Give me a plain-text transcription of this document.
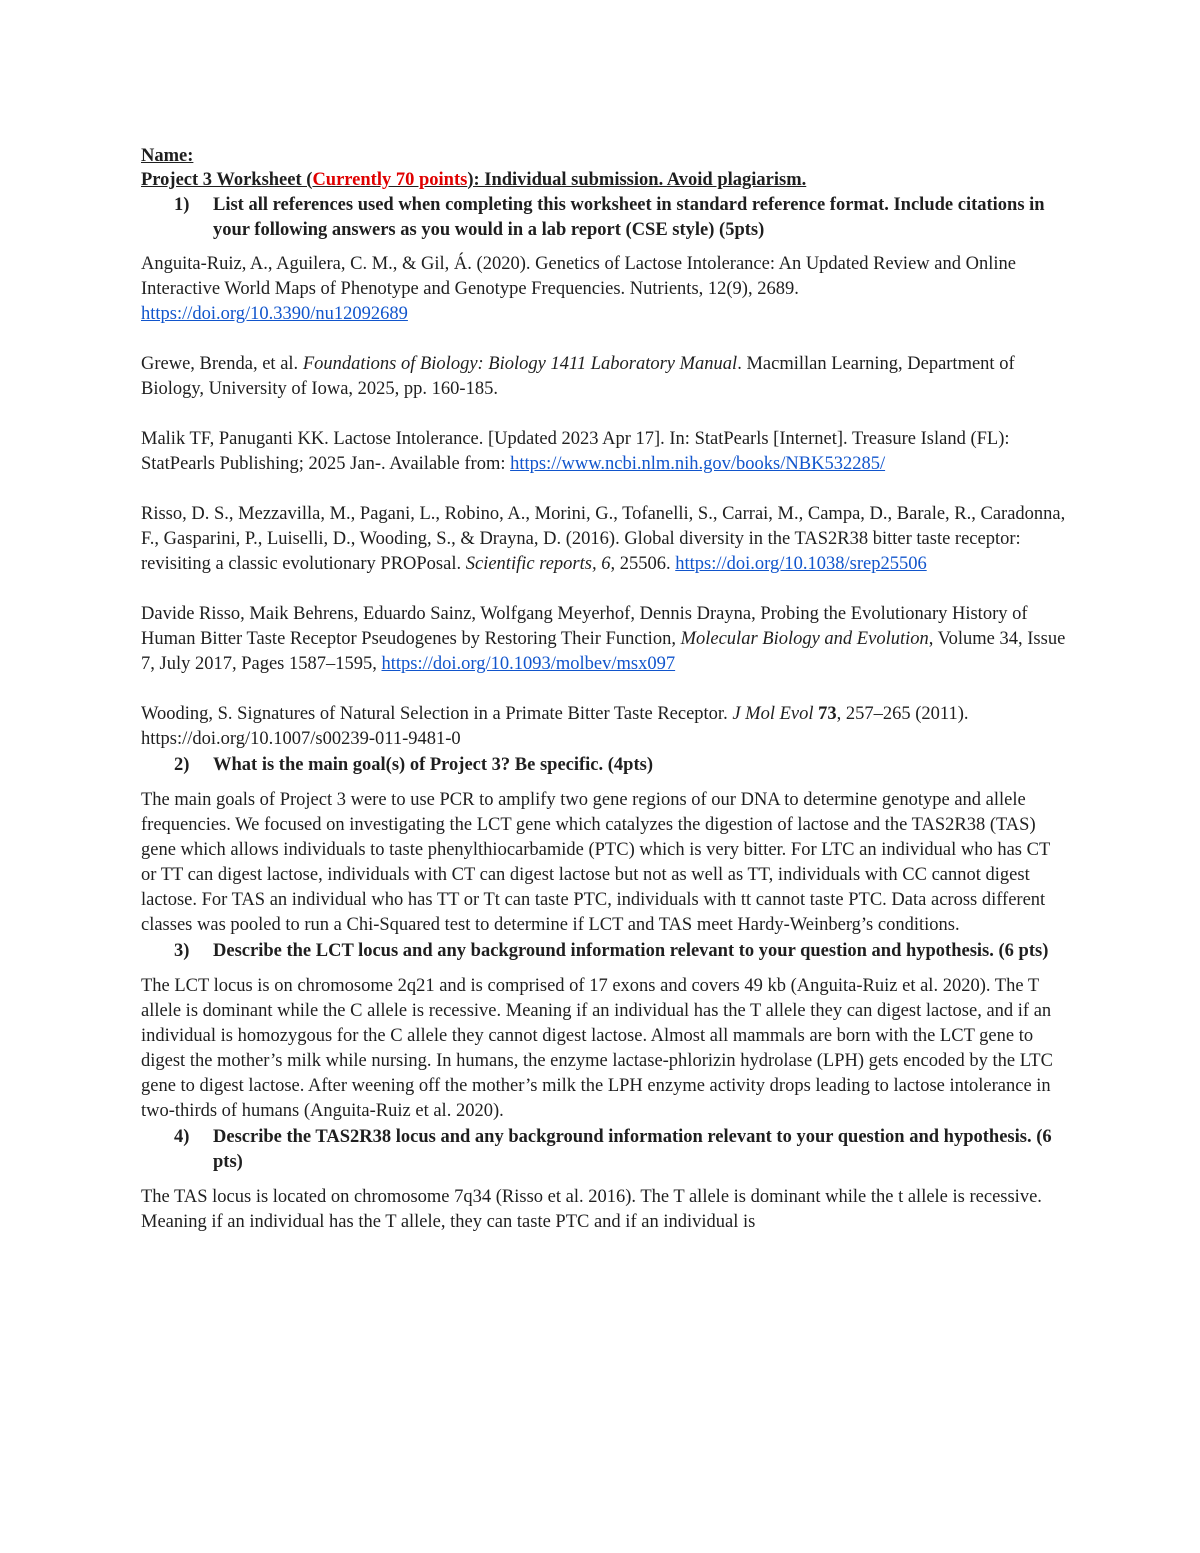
Name:
Project 3 Worksheet (Currently 70 points): Individual submission. Avoid plagiarism.
1) List all references used when completing this worksheet in standard reference format. Include citations in your following answers as you would in a lab report (CSE style) (5pts)
Anguita-Ruiz, A., Aguilera, C. M., & Gil, Á. (2020). Genetics of Lactose Intolerance: An Updated Review and Online Interactive World Maps of Phenotype and Genotype Frequencies. Nutrients, 12(9), 2689. https://doi.org/10.3390/nu12092689
Grewe, Brenda, et al. Foundations of Biology: Biology 1411 Laboratory Manual. Macmillan Learning, Department of Biology, University of Iowa, 2025, pp. 160-185.
Malik TF, Panuganti KK. Lactose Intolerance. [Updated 2023 Apr 17]. In: StatPearls [Internet]. Treasure Island (FL): StatPearls Publishing; 2025 Jan-. Available from: https://www.ncbi.nlm.nih.gov/books/NBK532285/
Risso, D. S., Mezzavilla, M., Pagani, L., Robino, A., Morini, G., Tofanelli, S., Carrai, M., Campa, D., Barale, R., Caradonna, F., Gasparini, P., Luiselli, D., Wooding, S., & Drayna, D. (2016). Global diversity in the TAS2R38 bitter taste receptor: revisiting a classic evolutionary PROPosal. Scientific reports, 6, 25506. https://doi.org/10.1038/srep25506
Davide Risso, Maik Behrens, Eduardo Sainz, Wolfgang Meyerhof, Dennis Drayna, Probing the Evolutionary History of Human Bitter Taste Receptor Pseudogenes by Restoring Their Function, Molecular Biology and Evolution, Volume 34, Issue 7, July 2017, Pages 1587–1595, https://doi.org/10.1093/molbev/msx097
Wooding, S. Signatures of Natural Selection in a Primate Bitter Taste Receptor. J Mol Evol 73, 257–265 (2011). https://doi.org/10.1007/s00239-011-9481-0
2) What is the main goal(s) of Project 3? Be specific. (4pts)
The main goals of Project 3 were to use PCR to amplify two gene regions of our DNA to determine genotype and allele frequencies. We focused on investigating the LCT gene which catalyzes the digestion of lactose and the TAS2R38 (TAS) gene which allows individuals to taste phenylthiocarbamide (PTC) which is very bitter. For LTC an individual who has CT or TT can digest lactose, individuals with CT can digest lactose but not as well as TT, individuals with CC cannot digest lactose. For TAS an individual who has TT or Tt can taste PTC, individuals with tt cannot taste PTC. Data across different classes was pooled to run a Chi-Squared test to determine if LCT and TAS meet Hardy-Weinberg’s conditions.
3) Describe the LCT locus and any background information relevant to your question and hypothesis. (6 pts)
The LCT locus is on chromosome 2q21 and is comprised of 17 exons and covers 49 kb (Anguita-Ruiz et al. 2020). The T allele is dominant while the C allele is recessive. Meaning if an individual has the T allele they can digest lactose, and if an individual is homozygous for the C allele they cannot digest lactose. Almost all mammals are born with the LCT gene to digest the mother’s milk while nursing. In humans, the enzyme lactase-phlorizin hydrolase (LPH) gets encoded by the LTC gene to digest lactose. After weening off the mother’s milk the LPH enzyme activity drops leading to lactose intolerance in two-thirds of humans (Anguita-Ruiz et al. 2020).
4) Describe the TAS2R38 locus and any background information relevant to your question and hypothesis. (6 pts)
The TAS locus is located on chromosome 7q34 (Risso et al. 2016). The T allele is dominant while the t allele is recessive. Meaning if an individual has the T allele, they can taste PTC and if an individual is
